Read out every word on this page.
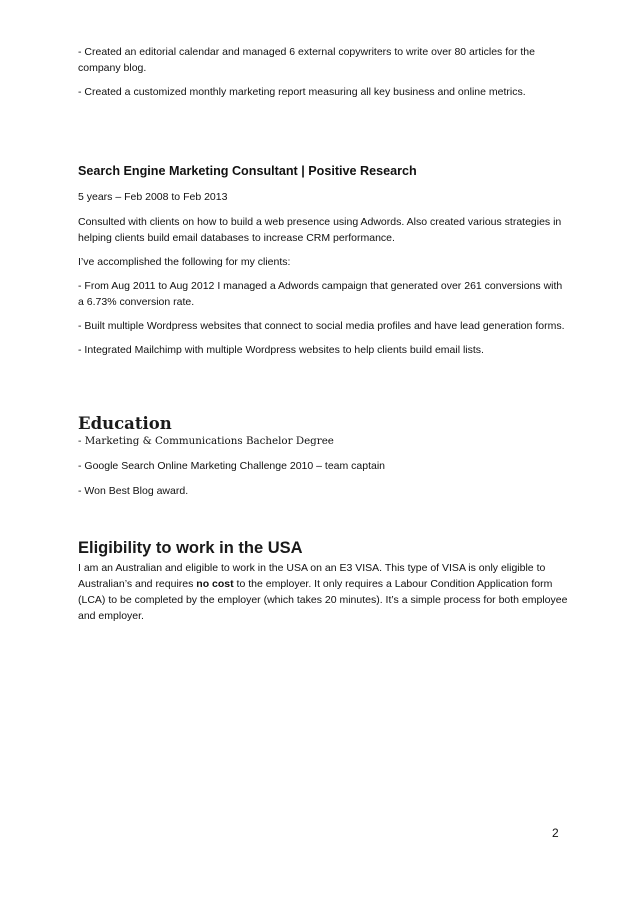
- Created an editorial calendar and managed 6 external copywriters to write over 80 articles for the company blog.

- Created a customized monthly marketing report measuring all key business and online metrics.

Search Engine Marketing Consultant | Positive Research

5 years – Feb 2008 to Feb 2013

Consulted with clients on how to build a web presence using Adwords. Also created various strategies in helping clients build email databases to increase CRM performance.

I’ve accomplished the following for my clients:

- From Aug 2011 to Aug 2012 I managed a Adwords campaign that generated over 261 conversions with a 6.73% conversion rate.

- Built multiple Wordpress websites that connect to social media profiles and have lead generation forms.

- Integrated Mailchimp with multiple Wordpress websites to help clients build email lists.

Education

- Marketing & Communications Bachelor Degree

- Google Search Online Marketing Challenge 2010 – team captain

- Won Best Blog award.

Eligibility to work in the USA

I am an Australian and eligible to work in the USA on an E3 VISA. This type of VISA is only eligible to Australian’s and requires no cost to the employer. It only requires a Labour Condition Application form (LCA) to be completed by the employer (which takes 20 minutes). It’s a simple process for both employee and employer.

2
